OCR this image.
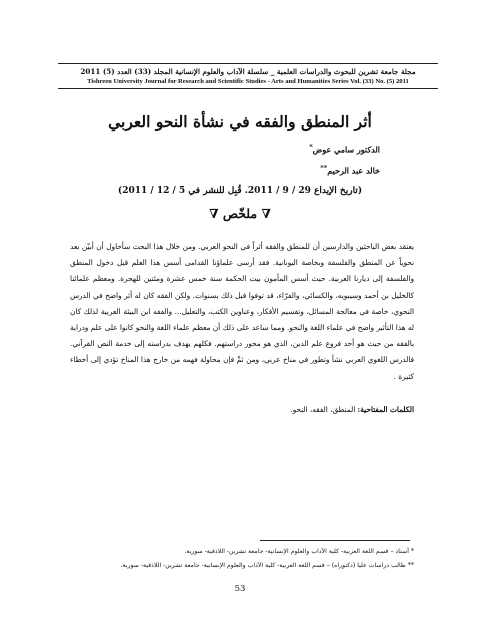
مجلة جامعة تشرين للبحوث والدراسات العلمية _ سلسلة الآداب والعلوم الإنسانية المجلد (33) العدد (5) 2011
Tishreen University Journal for Research and Scientific Studies - Arts and Humanities Series Vol. (33) No. (5) 2011
أثر المنطق والفقه في نشأة النحو العربي
الدكتور سامي عوض*
خالد عبد الرحيم**
(تاريخ الإيداع 29 / 9 / 2011. قُبِل للنشر في 5 / 12 / 2011)
∇ ملخّص ∇

يعتقد بعض الباحثين والدارسين أن للمنطق والفقه أثراً في النحو العربي. ومن خلال هذا البحث سأحاول أن أبيّن بعد نحوياً عن المنطق والفلسفة وبخاصة اليونانية. فقد أرسى علماؤنا القدامى أسس هذا العلم قبل دخول المنطق والفلسفة إلى ديارنا العربية. حيث أسس المأمون بيت الحكمة سنة خمس عشرة ومئتين للهجرة. ومعظم علمائنا كالخليل بن أحمد وسيبويه، والكسائي، والفرّاء، قد توفوا قبل ذلك بسنوات. ولكن الفقه كان له أثر واضح في الدرس النحوي، خاصة في معالجة المسائل، وتقسيم الأفكار، وعناوين الكتب، والتعليل... والفقه ابن البيئة العربية لذلك كان له هذا التأثير واضح في علماء اللغة والنحو. ومما ساعد على ذلك أن معظم علماء اللغة والنحو كانوا على علم ودراية بالفقه من حيث هو أحد فروع علم الدين، الذي هو محور دراستهم. فكلهم يهدف بدراسته إلى خدمة النص القرآني. فالدرس اللغوي العربي نشأ وتطور في مناخ عربي، ومن ثمَّ فإن محاولة فهمه من خارج هذا المناخ تؤدي إلى أخطاء كثيرة .

الكلمات المفتاحية: المنطق، الفقه، النحو.
* أستاذ – قسم اللغة العربية- كلية الآداب والعلوم الإنسانية- جامعة تشرين- اللاذقية- سورية.
** طالب دراسات عليا (دكتوراه) – قسم اللغة العربية- كلية الآداب والعلوم الإنسانية- جامعة تشرين- اللاذقية- سورية.
53
